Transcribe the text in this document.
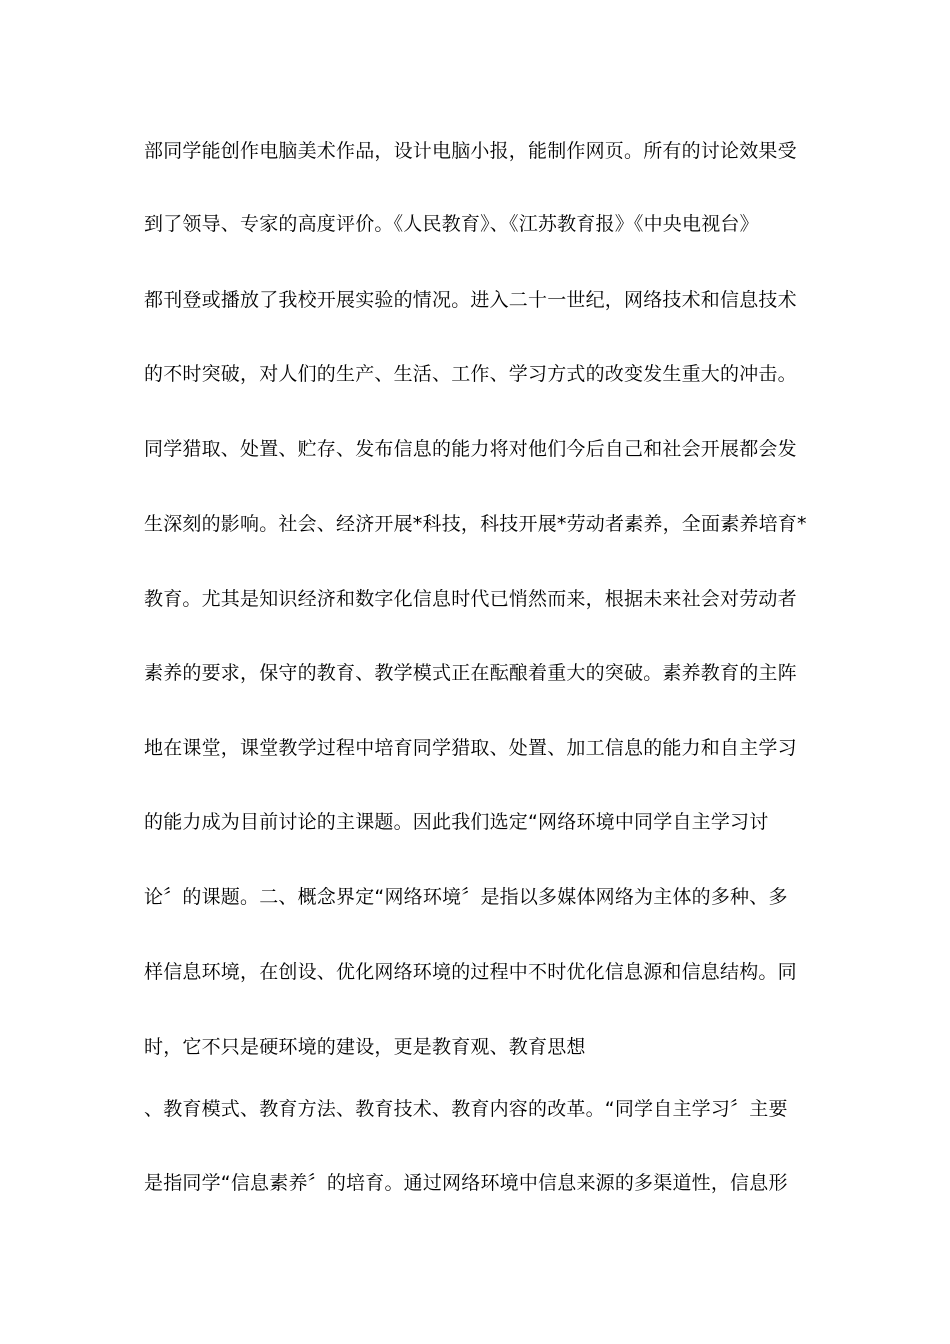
部同学能创作电脑美术作品，设计电脑小报，能制作网页。所有的讨论效果受
到了领导、专家的高度评价。《人民教育》、《江苏教育报》《中央电视台》
都刊登或播放了我校开展实验的情况。进入二十一世纪，网络技术和信息技术
的不时突破，对人们的生产、生活、工作、学习方式的改变发生重大的冲击。
同学猎取、处置、贮存、发布信息的能力将对他们今后自己和社会开展都会发
生深刻的影响。社会、经济开展*科技，科技开展*劳动者素养，全面素养培育*
教育。尤其是知识经济和数字化信息时代已悄然而来，根据未来社会对劳动者
素养的要求，保守的教育、教学模式正在酝酿着重大的突破。素养教育的主阵
地在课堂，课堂教学过程中培育同学猎取、处置、加工信息的能力和自主学习
的能力成为目前讨论的主课题。因此我们选定“网络环境中同学自主学习讨
论〞的课题。二、概念界定“网络环境〞是指以多媒体网络为主体的多种、多
样信息环境，在创设、优化网络环境的过程中不时优化信息源和信息结构。同
时，它不只是硬环境的建设，更是教育观、教育思想
、教育模式、教育方法、教育技术、教育内容的改革。“同学自主学习〞主要
是指同学“信息素养〞的培育。通过网络环境中信息来源的多渠道性，信息形
